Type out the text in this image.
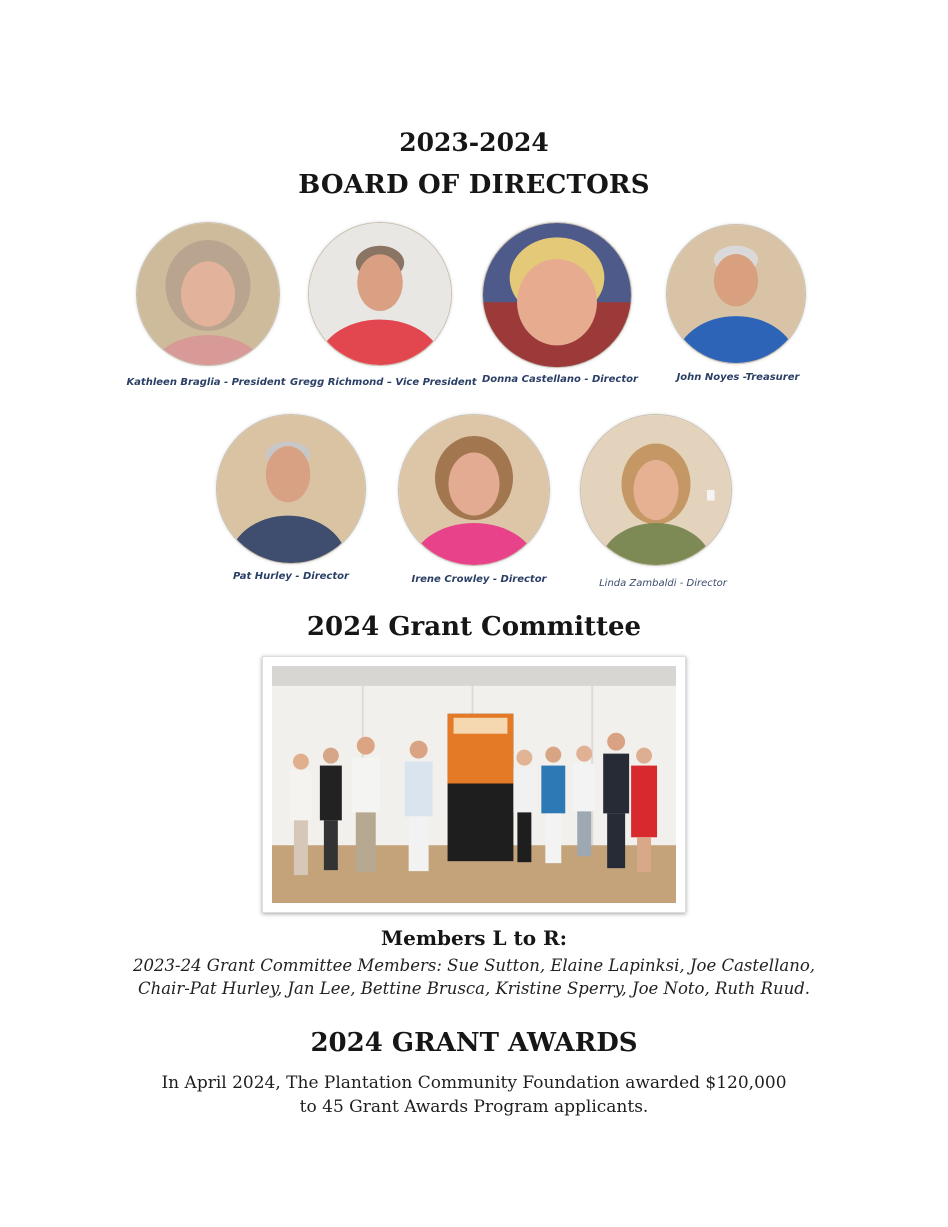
2023-2024
BOARD OF DIRECTORS
Kathleen Braglia - President Gregg Richmond – Vice President Donna Castellano - Director	John Noyes -Treasurer
Pat Hurley - Director	Irene Crowley - Director	Linda Zambaldi - Director
2024 Grant Committee
Members L to R:
2023-24 Grant Committee Members: Sue Sutton, Elaine Lapinksi, Joe Castellano,
Chair-Pat Hurley, Jan Lee, Bettine Brusca, Kristine Sperry, Joe Noto, Ruth Ruud.
2024 GRANT AWARDS
In April 2024, The Plantation Community Foundation awarded $120,000
to 45 Grant Awards Program applicants.
